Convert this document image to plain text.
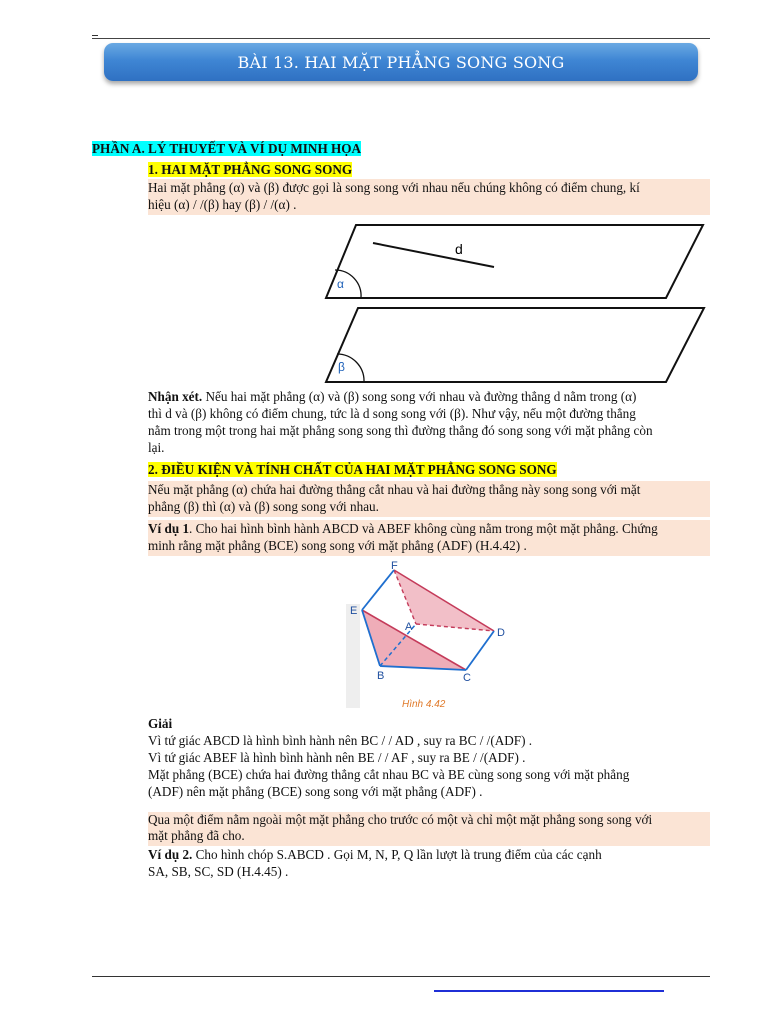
BÀI 13. HAI MẶT PHẲNG SONG SONG
PHẦN A. LÝ THUYẾT VÀ VÍ DỤ MINH HỌA
1. HAI MẶT PHẲNG SONG SONG
Hai mặt phẳng (α) và (β) được gọi là song song với nhau nếu chúng không có điểm chung, kí
hiệu (α) / /(β) hay (β) / /(α) .
d
α
β
Nhận xét. Nếu hai mặt phẳng (α) và (β) song song với nhau và đường thẳng d nằm trong (α)
thì d và (β) không có điểm chung, tức là d song song với (β). Như vậy, nếu một đường thẳng
nằm trong một trong hai mặt phẳng song song thì đường thẳng đó song song với mặt phẳng còn
lại.
2. ĐIỀU KIỆN VÀ TÍNH CHẤT CỦA HAI MẶT PHẲNG SONG SONG
Nếu mặt phẳng (α) chứa hai đường thẳng cắt nhau và hai đường thẳng này song song với mặt
phẳng (β) thì (α) và (β) song song với nhau.
Ví dụ 1. Cho hai hình bình hành ABCD và ABEF không cùng nằm trong một mặt phẳng. Chứng
minh rằng mặt phẳng (BCE) song song với mặt phẳng (ADF) (H.4.42) .
F
E
A	D
B	C
Hình 4.42
Giải
Vì tứ giác ABCD là hình bình hành nên BC / / AD , suy ra BC / /(ADF) .
Vì tứ giác ABEF là hình bình hành nên BE / / AF , suy ra BE / /(ADF) .
Mặt phẳng (BCE) chứa hai đường thẳng cắt nhau BC và BE cùng song song với mặt phẳng
(ADF) nên mặt phẳng (BCE) song song với mặt phẳng (ADF) .
Qua một điểm nằm ngoài một mặt phẳng cho trước có một và chỉ một mặt phẳng song song với
mặt phẳng đã cho.
Ví dụ 2. Cho hình chóp S.ABCD . Gọi M, N, P, Q lần lượt là trung điểm của các cạnh
SA, SB, SC, SD (H.4.45) .
